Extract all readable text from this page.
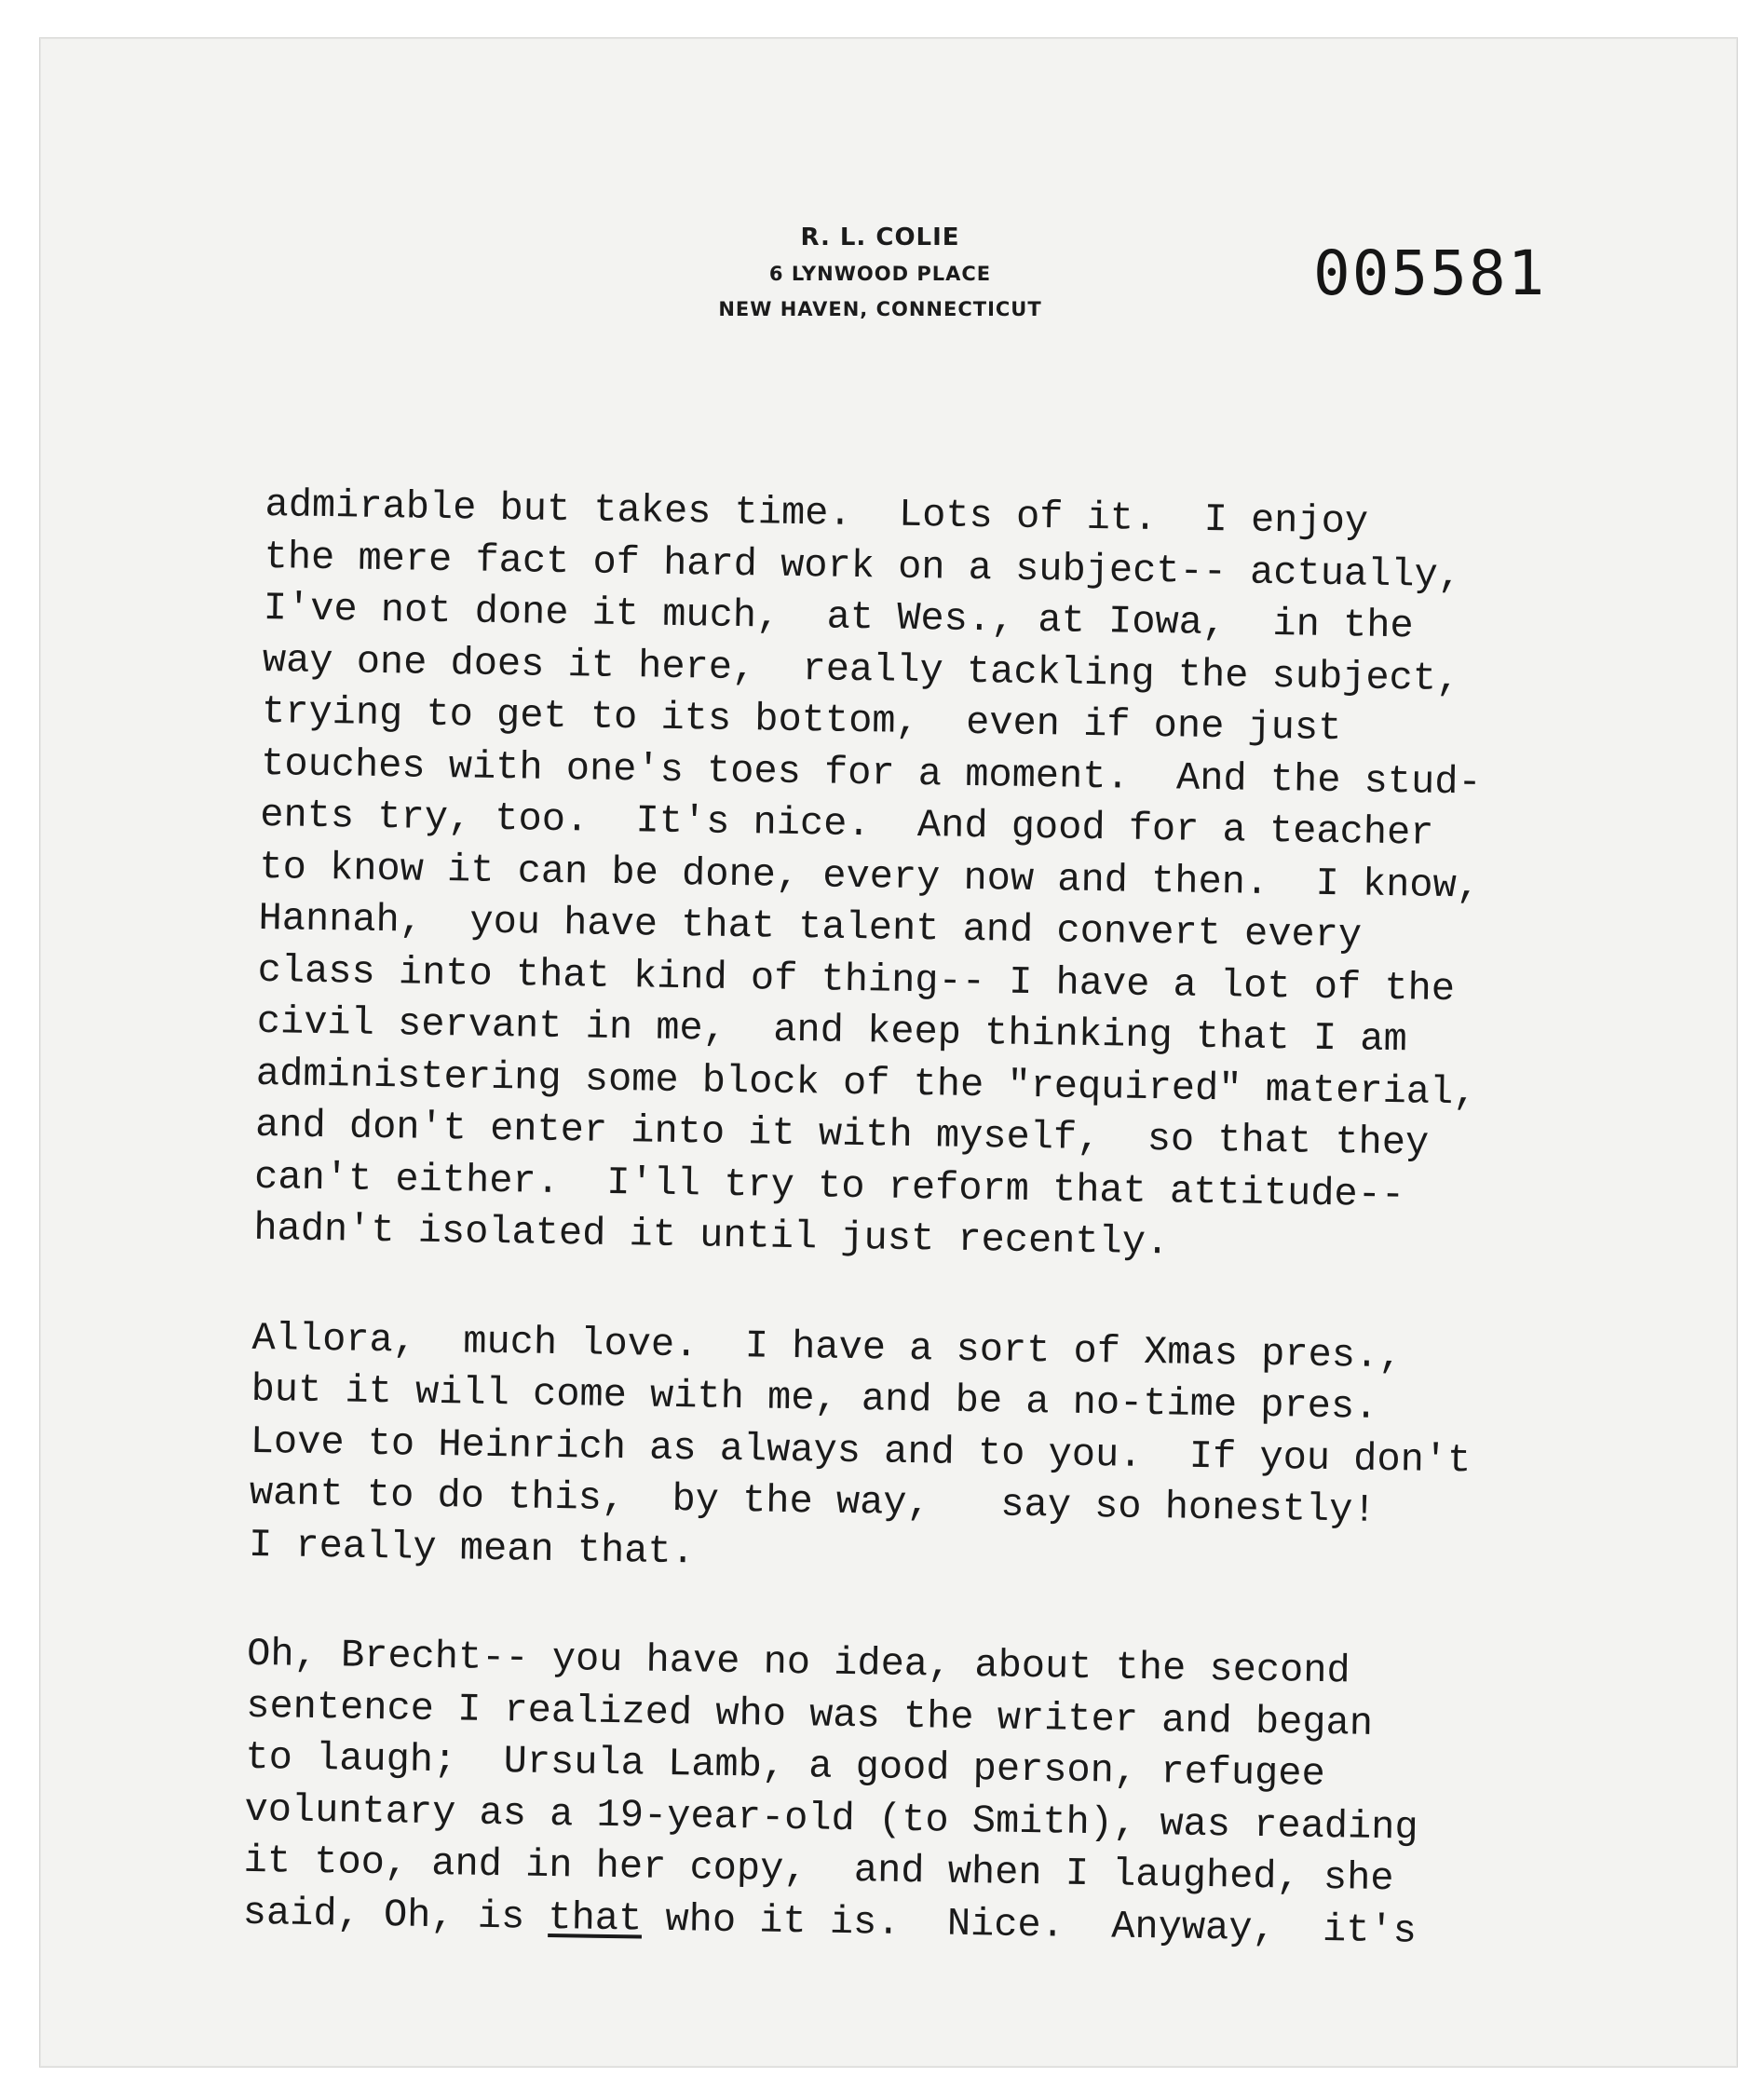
R. L. COLIE
6 LYNWOOD PLACE
NEW HAVEN, CONNECTICUT	005581
admirable but takes time.  Lots of it.  I enjoy
the mere fact of hard work on a subject-- actually,
I've not done it much,  at Wes., at Iowa,  in the
way one does it here,  really tackling the subject,
trying to get to its bottom,  even if one just
touches with one's toes for a moment.  And the stud-
ents try, too.  It's nice.  And good for a teacher
to know it can be done, every now and then.  I know,
Hannah,  you have that talent and convert every
class into that kind of thing-- I have a lot of the
civil servant in me,  and keep thinking that I am
administering some block of the "required" material,
and don't enter into it with myself,  so that they
can't either.  I'll try to reform that attitude--
hadn't isolated it until just recently.
Allora,  much love.  I have a sort of Xmas pres.,
but it will come with me, and be a no-time pres.
Love to Heinrich as always and to you.  If you don't
want to do this,  by the way,   say so honestly!
I really mean that.
Oh, Brecht-- you have no idea, about the second
sentence I realized who was the writer and began
to laugh;  Ursula Lamb, a good person, refugee
voluntary as a 19-year-old (to Smith), was reading
it too, and in her copy,  and when I laughed, she
said, Oh, is that who it is.  Nice.  Anyway,  it's
